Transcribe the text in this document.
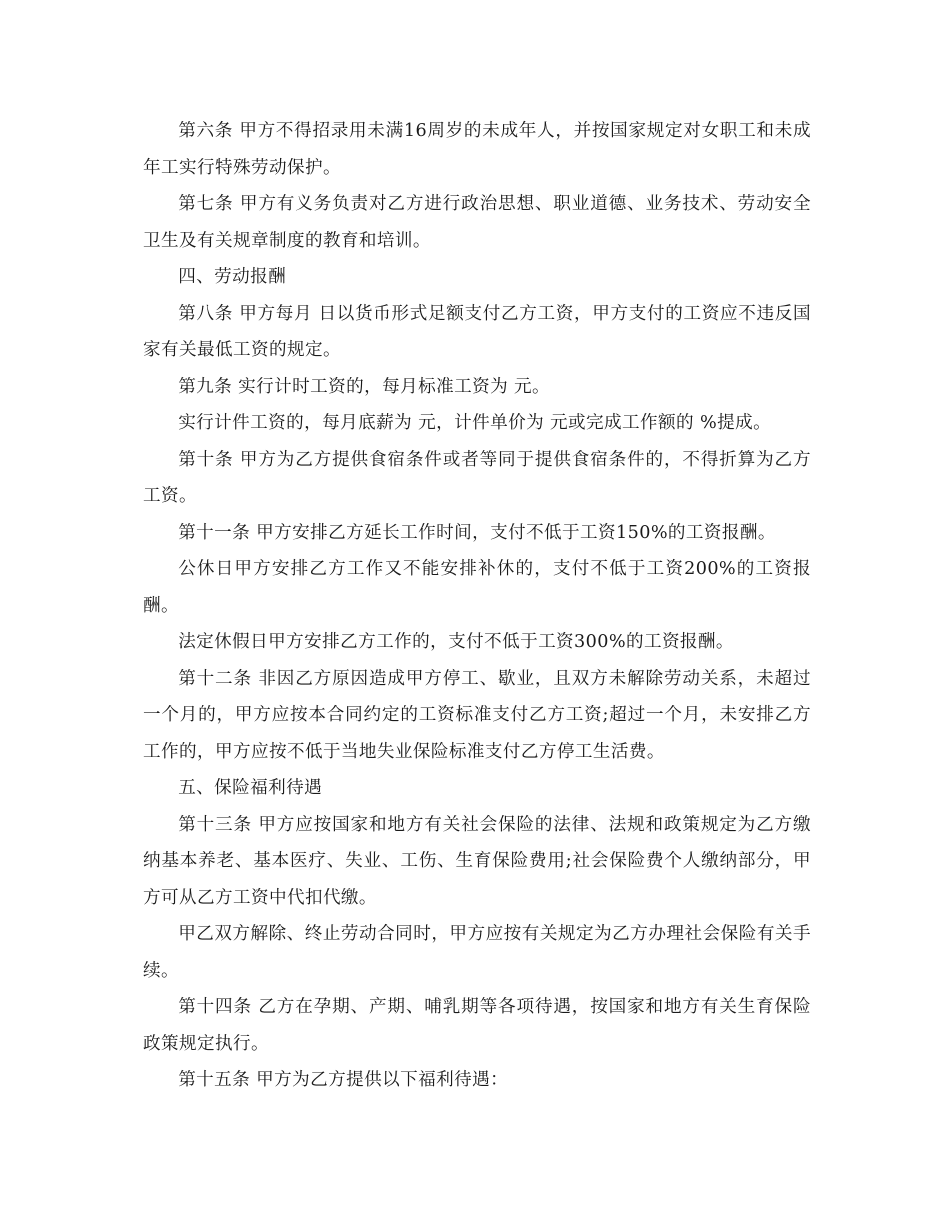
第六条 甲方不得招录用未满16周岁的未成年人，并按国家规定对女职工和未成年工实行特殊劳动保护。

第七条 甲方有义务负责对乙方进行政治思想、职业道德、业务技术、劳动安全卫生及有关规章制度的教育和培训。

四、劳动报酬

第八条 甲方每月 日以货币形式足额支付乙方工资，甲方支付的工资应不违反国家有关最低工资的规定。

第九条 实行计时工资的，每月标准工资为 元。

实行计件工资的，每月底薪为 元，计件单价为 元或完成工作额的 %提成。

第十条 甲方为乙方提供食宿条件或者等同于提供食宿条件的，不得折算为乙方工资。

第十一条 甲方安排乙方延长工作时间，支付不低于工资150%的工资报酬。

公休日甲方安排乙方工作又不能安排补休的，支付不低于工资200%的工资报酬。

法定休假日甲方安排乙方工作的，支付不低于工资300%的工资报酬。

第十二条 非因乙方原因造成甲方停工、歇业，且双方未解除劳动关系，未超过一个月的，甲方应按本合同约定的工资标准支付乙方工资;超过一个月，未安排乙方工作的，甲方应按不低于当地失业保险标准支付乙方停工生活费。

五、保险福利待遇

第十三条 甲方应按国家和地方有关社会保险的法律、法规和政策规定为乙方缴纳基本养老、基本医疗、失业、工伤、生育保险费用;社会保险费个人缴纳部分，甲方可从乙方工资中代扣代缴。

甲乙双方解除、终止劳动合同时，甲方应按有关规定为乙方办理社会保险有关手续。

第十四条 乙方在孕期、产期、哺乳期等各项待遇，按国家和地方有关生育保险政策规定执行。

第十五条 甲方为乙方提供以下福利待遇：
